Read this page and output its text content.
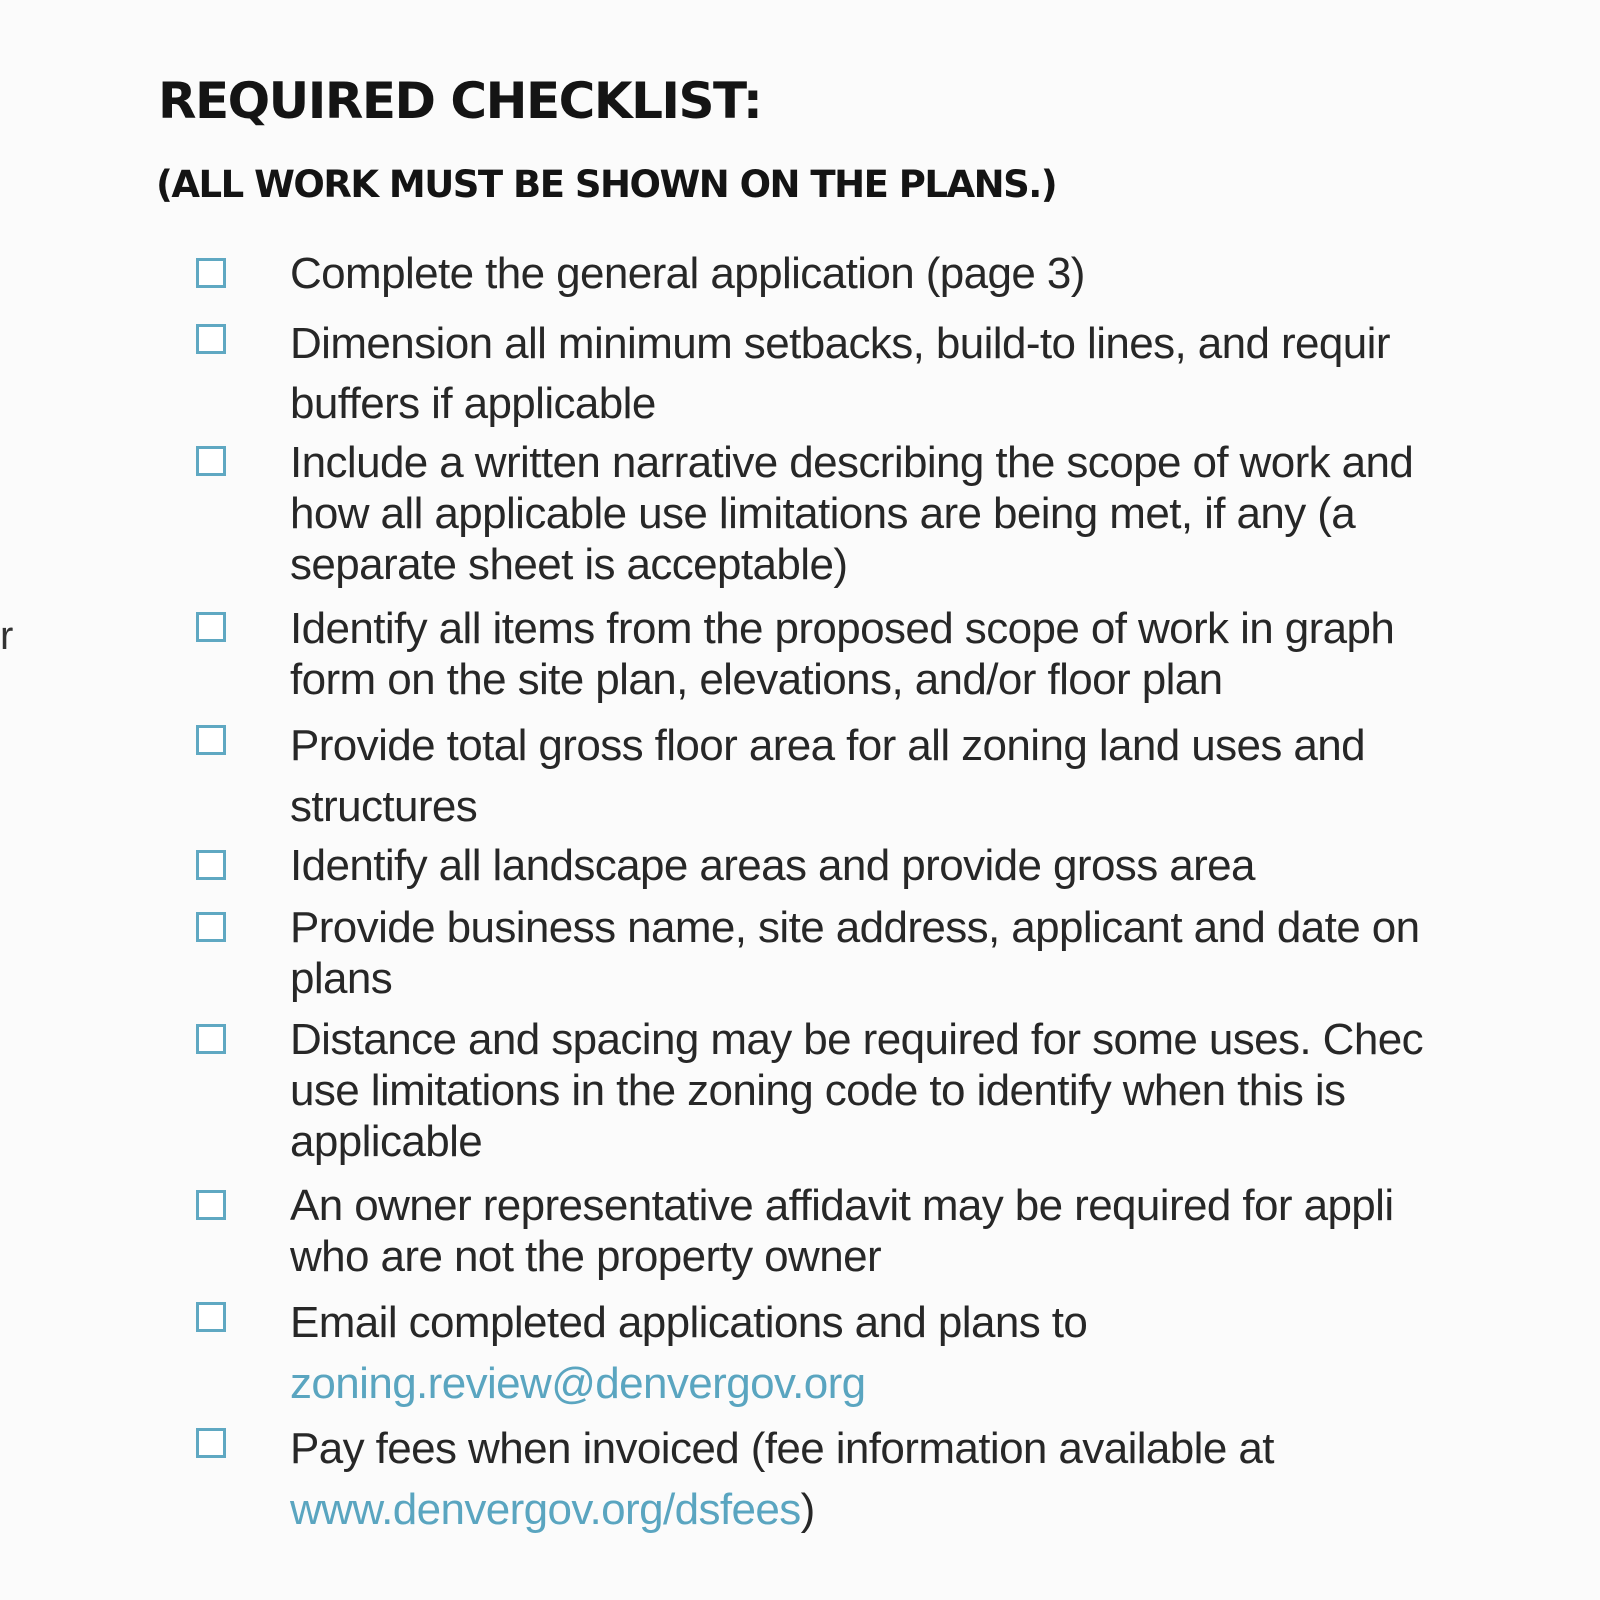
REQUIRED CHECKLIST:
(ALL WORK MUST BE SHOWN ON THE PLANS.)
r
Complete the general application (page 3)
Dimension all minimum setbacks, build-to lines, and requir
buffers if applicable
Include a written narrative describing the scope of work and
how all applicable use limitations are being met, if any (a
separate sheet is acceptable)
Identify all items from the proposed scope of work in graph
form on the site plan, elevations, and/or floor plan
Provide total gross floor area for all zoning land uses and
structures
Identify all landscape areas and provide gross area
Provide business name, site address, applicant and date on
plans
Distance and spacing may be required for some uses. Chec
use limitations in the zoning code to identify when this is
applicable
An owner representative affidavit may be required for appli
who are not the property owner
Email completed applications and plans to
zoning.review@denvergov.org
Pay fees when invoiced (fee information available at
www.denvergov.org/dsfees)
